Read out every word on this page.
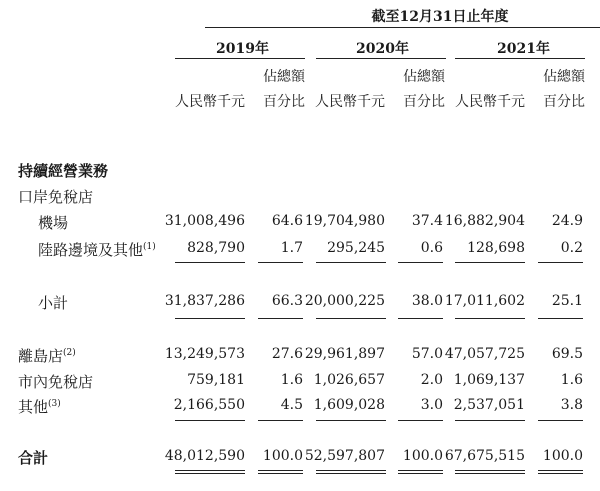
截至12月31日止年度
2019年	2020年	2021年
佔總額	佔總額	佔總額
人民幣千元	百分比 人民幣千元	百分比 人民幣千元	百分比
持續經營業務
口岸免稅店
機場	31,008,496	64.6 19,704,980	37.4 16,882,904	24.9
陸路邊境及其他$^{(1)}$	828,790	1.7	295,245	0.6	128,698	0.2
小計	31,837,286	66.3 20,000,225	38.0 17,011,602	25.1
離島店$^{(2)}$	13,249,573	27.6 29,961,897	57.0 47,057,725	69.5
市內免稅店	759,181	1.6 1,026,657	2.0 1,069,137	1.6
其他$^{(3)}$	2,166,550	4.5 1,609,028	3.0 2,537,051	3.8
合計	48,012,590	100.0 52,597,807	100.0 67,675,515	100.0
